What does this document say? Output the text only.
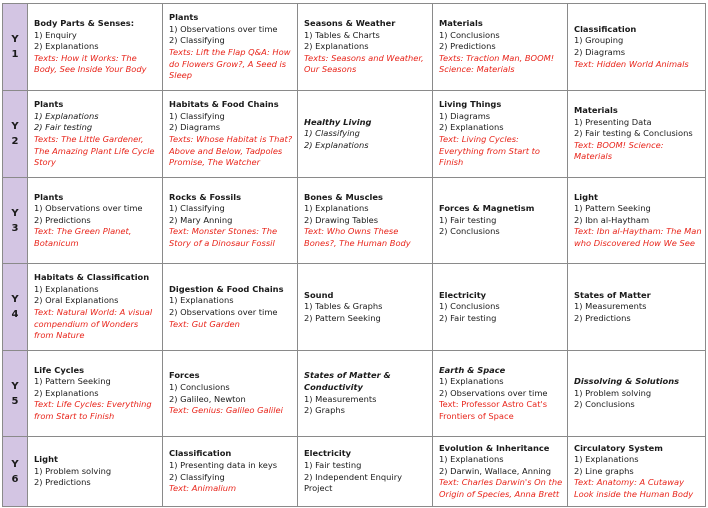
Y
1	Body Parts & Senses:
1) Enquiry
2) Explanations
Texts: How it Works: The Body, See Inside Your Body	Plants
1) Observations over time
2) Classifying
Texts: Lift the Flap Q&A: How do Flowers Grow?, A Seed is Sleep	Seasons & Weather
1) Tables & Charts
2) Explanations
Texts: Seasons and Weather, Our Seasons	Materials
1) Conclusions
2) Predictions
Texts: Traction Man, BOOM! Science: Materials	Classification
1) Grouping
2) Diagrams
Text: Hidden World Animals

Y
2	Plants
1) Explanations
2) Fair testing
Texts: The Little Gardener, The Amazing Plant Life Cycle Story	Habitats & Food Chains
1) Classifying
2) Diagrams
Texts: Whose Habitat is That? Above and Below, Tadpoles Promise, The Watcher	Healthy Living
1) Classifying
2) Explanations	Living Things
1) Diagrams
2) Explanations
Text: Living Cycles: Everything from Start to Finish	Materials
1) Presenting Data
2) Fair testing & Conclusions
Text: BOOM! Science: Materials

Y
3	Plants
1) Observations over time
2) Predictions
Text: The Green Planet, Botanicum	Rocks & Fossils
1) Classifying
2) Mary Anning
Text: Monster Stones: The Story of a Dinosaur Fossil	Bones & Muscles
1) Explanations
2) Drawing Tables
Text: Who Owns These Bones?, The Human Body	Forces & Magnetism
1) Fair testing
2) Conclusions	Light
1) Pattern Seeking
2) Ibn al-Haytham
Text: Ibn al-Haytham: The Man who Discovered How We See

Y
4	Habitats & Classification
1) Explanations
2) Oral Explanations
Text: Natural World: A visual compendium of Wonders from Nature	Digestion & Food Chains
1) Explanations
2) Observations over time
Text: Gut Garden	Sound
1) Tables & Graphs
2) Pattern Seeking	Electricity
1) Conclusions
2) Fair testing	States of Matter
1) Measurements
2) Predictions

Y
5	Life Cycles
1) Pattern Seeking
2) Explanations
Text: Life Cycles: Everything from Start to Finish	Forces
1) Conclusions
2) Galileo, Newton
Text: Genius: Galileo Galilei	States of Matter & Conductivity
1) Measurements
2) Graphs	Earth & Space
1) Explanations
2) Observations over time
Text: Professor Astro Cat's Frontiers of Space	Dissolving & Solutions
1) Problem solving
2) Conclusions

Y
6	Light
1) Problem solving
2) Predictions	Classification
1) Presenting data in keys
2) Classifying
Text: Animalium	Electricity
1) Fair testing
2) Independent Enquiry Project	Evolution & Inheritance
1) Explanations
2) Darwin, Wallace, Anning
Text: Charles Darwin's On the Origin of Species, Anna Brett	Circulatory System
1) Explanations
2) Line graphs
Text: Anatomy: A Cutaway Look inside the Human Body
